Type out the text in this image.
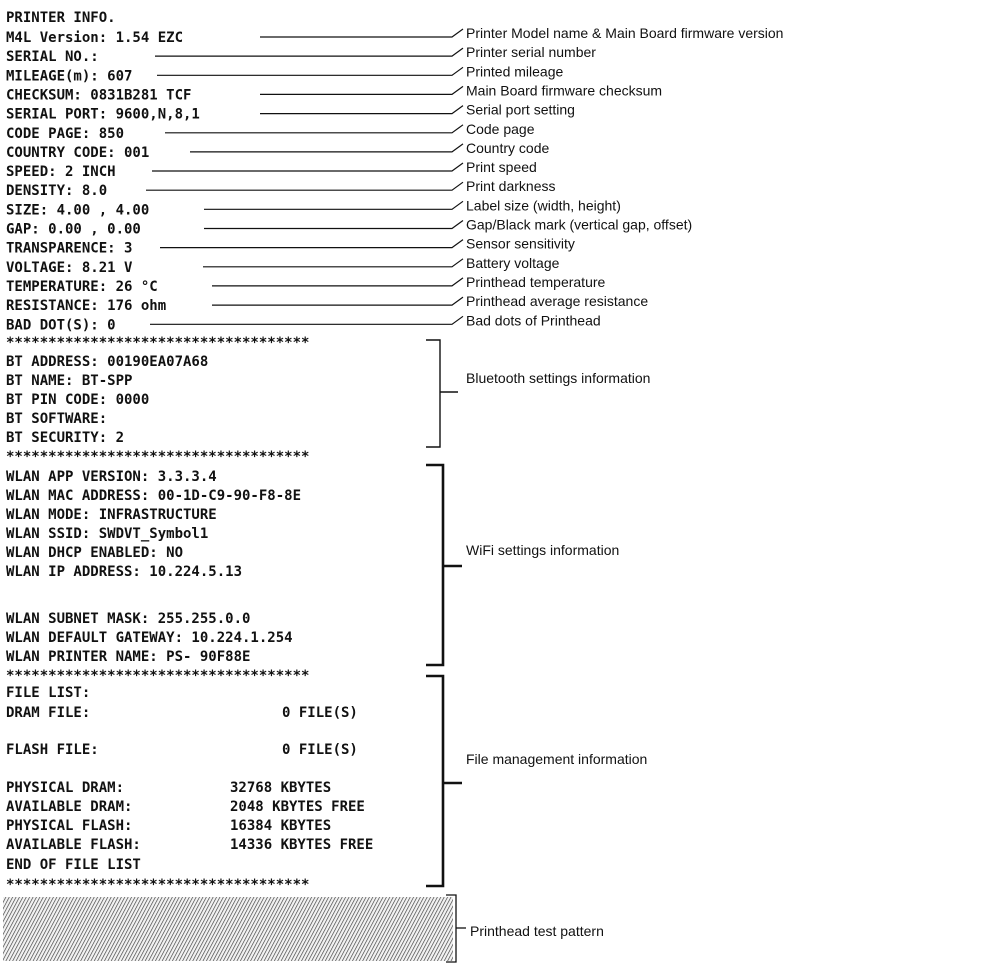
PRINTER INFO.
M4L Version: 1.54 EZC
SERIAL NO.:
MILEAGE(m): 607
CHECKSUM: 0831B281 TCF
SERIAL PORT: 9600,N,8,1
CODE PAGE: 850
COUNTRY CODE: 001
SPEED: 2 INCH
DENSITY: 8.0
SIZE: 4.00 , 4.00
GAP: 0.00 , 0.00
TRANSPARENCE: 3
VOLTAGE: 8.21 V
TEMPERATURE: 26 °C
RESISTANCE: 176 ohm
BAD DOT(S): 0
************************************
BT ADDRESS: 00190EA07A68
BT NAME: BT-SPP
BT PIN CODE: 0000
BT SOFTWARE:
BT SECURITY: 2
************************************
WLAN APP VERSION: 3.3.3.4
WLAN MAC ADDRESS: 00-1D-C9-90-F8-8E
WLAN MODE: INFRASTRUCTURE
WLAN SSID: SWDVT_Symbol1
WLAN DHCP ENABLED: NO
WLAN IP ADDRESS: 10.224.5.13
WLAN SUBNET MASK: 255.255.0.0
WLAN DEFAULT GATEWAY: 10.224.1.254
WLAN PRINTER NAME: PS- 90F88E
************************************
FILE LIST:
DRAM FILE:	0 FILE(S)
FLASH FILE:	0 FILE(S)
PHYSICAL DRAM:	32768 KBYTES
AVAILABLE DRAM:	2048 KBYTES FREE
PHYSICAL FLASH:	16384 KBYTES
AVAILABLE FLASH:	14336 KBYTES FREE
END OF FILE LIST
************************************
Printer Model name & Main Board firmware version
Printer serial number
Printed mileage
Main Board firmware checksum
Serial port setting
Code page
Country code
Print speed
Print darkness
Label size (width, height)
Gap/Black mark (vertical gap, offset)
Sensor sensitivity
Battery voltage
Printhead temperature
Printhead average resistance
Bad dots of Printhead
Bluetooth settings information
WiFi settings information
File management information
Printhead test pattern
